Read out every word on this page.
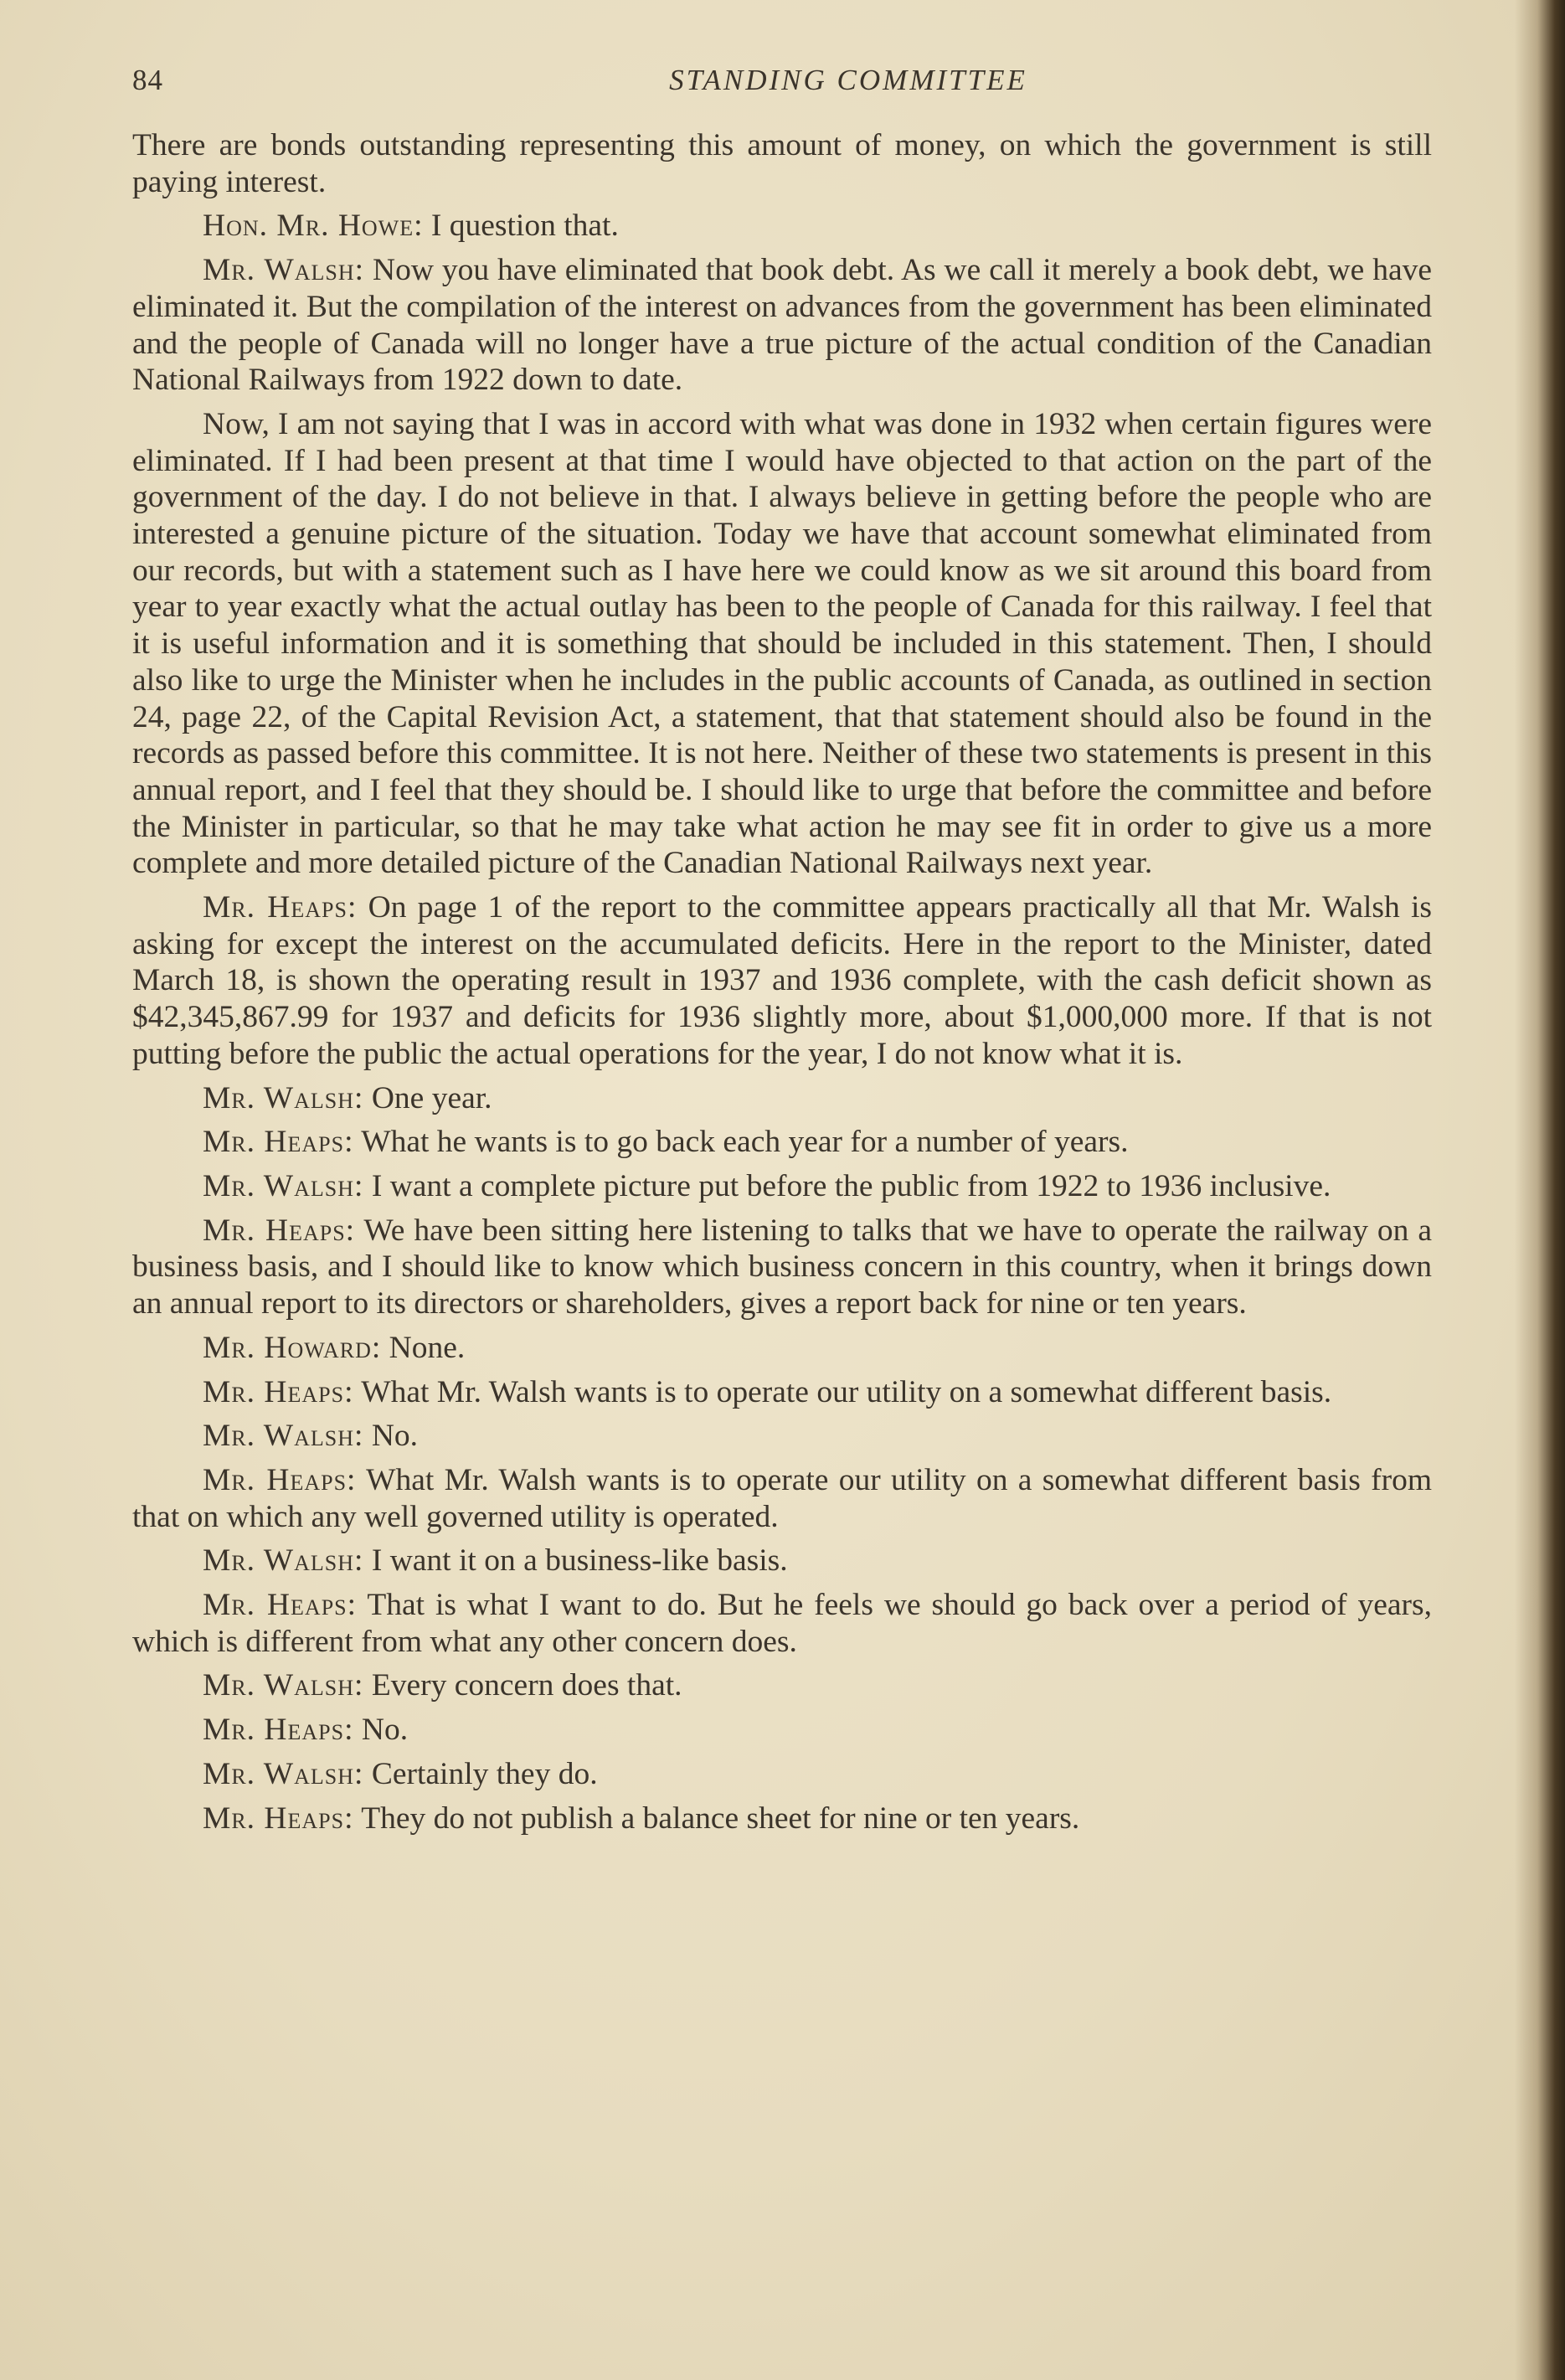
84	STANDING COMMITTEE

There are bonds outstanding representing this amount of money, on which the government is still paying interest.

Hon. Mr. Howe: I question that.

Mr. Walsh: Now you have eliminated that book debt. As we call it merely a book debt, we have eliminated it. But the compilation of the interest on advances from the government has been eliminated and the people of Canada will no longer have a true picture of the actual condition of the Canadian National Railways from 1922 down to date.

Now, I am not saying that I was in accord with what was done in 1932 when certain figures were eliminated. If I had been present at that time I would have objected to that action on the part of the government of the day. I do not believe in that. I always believe in getting before the people who are interested a genuine picture of the situation. Today we have that account somewhat eliminated from our records, but with a statement such as I have here we could know as we sit around this board from year to year exactly what the actual outlay has been to the people of Canada for this railway. I feel that it is useful information and it is something that should be included in this statement. Then, I should also like to urge the Minister when he includes in the public accounts of Canada, as outlined in section 24, page 22, of the Capital Revision Act, a statement, that that statement should also be found in the records as passed before this committee. It is not here. Neither of these two statements is present in this annual report, and I feel that they should be. I should like to urge that before the committee and before the Minister in particular, so that he may take what action he may see fit in order to give us a more complete and more detailed picture of the Canadian National Railways next year.

Mr. Heaps: On page 1 of the report to the committee appears practically all that Mr. Walsh is asking for except the interest on the accumulated deficits. Here in the report to the Minister, dated March 18, is shown the operating result in 1937 and 1936 complete, with the cash deficit shown as $42,345,867.99 for 1937 and deficits for 1936 slightly more, about $1,000,000 more. If that is not putting before the public the actual operations for the year, I do not know what it is.

Mr. Walsh: One year.

Mr. Heaps: What he wants is to go back each year for a number of years.

Mr. Walsh: I want a complete picture put before the public from 1922 to 1936 inclusive.

Mr. Heaps: We have been sitting here listening to talks that we have to operate the railway on a business basis, and I should like to know which business concern in this country, when it brings down an annual report to its directors or shareholders, gives a report back for nine or ten years.

Mr. Howard: None.

Mr. Heaps: What Mr. Walsh wants is to operate our utility on a somewhat different basis.

Mr. Walsh: No.

Mr. Heaps: What Mr. Walsh wants is to operate our utility on a somewhat different basis from that on which any well governed utility is operated.

Mr. Walsh: I want it on a business-like basis.

Mr. Heaps: That is what I want to do. But he feels we should go back over a period of years, which is different from what any other concern does.

Mr. Walsh: Every concern does that.

Mr. Heaps: No.

Mr. Walsh: Certainly they do.

Mr. Heaps: They do not publish a balance sheet for nine or ten years.
